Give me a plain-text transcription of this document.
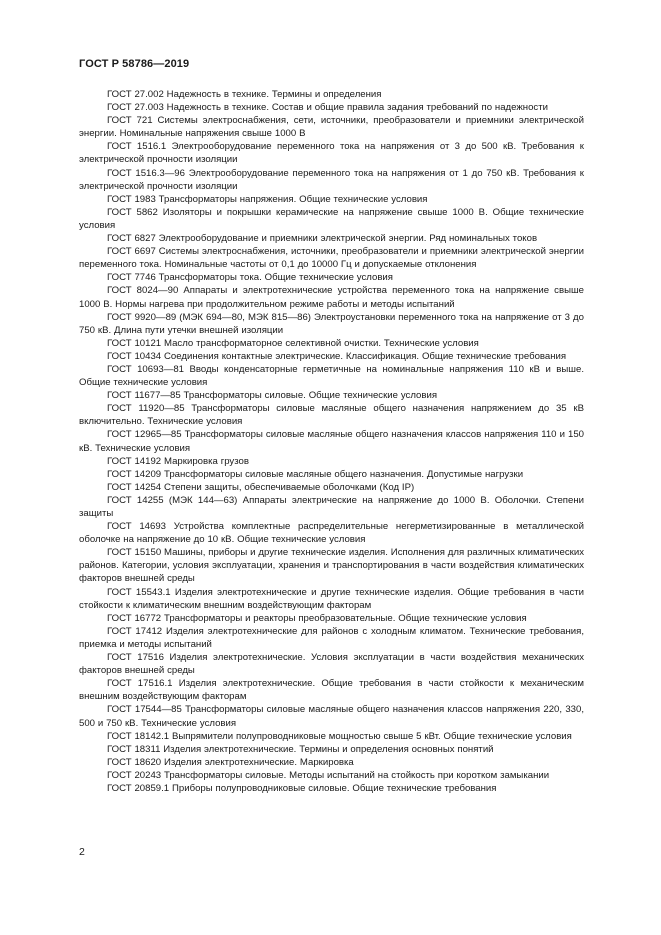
ГОСТ Р 58786—2019

ГОСТ 27.002 Надежность в технике. Термины и определения

ГОСТ 27.003 Надежность в технике. Состав и общие правила задания требований по надежности

ГОСТ 721 Системы электроснабжения, сети, источники, преобразователи и приемники электрической энергии. Номинальные напряжения свыше 1000 В

ГОСТ 1516.1 Электрооборудование переменного тока на напряжения от 3 до 500 кВ. Требования к электрической прочности изоляции

ГОСТ 1516.3—96 Электрооборудование переменного тока на напряжения от 1 до 750 кВ. Требования к электрической прочности изоляции

ГОСТ 1983 Трансформаторы напряжения. Общие технические условия

ГОСТ 5862 Изоляторы и покрышки керамические на напряжение свыше 1000 В. Общие технические условия

ГОСТ 6827 Электрооборудование и приемники электрической энергии. Ряд номинальных токов

ГОСТ 6697 Системы электроснабжения, источники, преобразователи и приемники электрической энергии переменного тока. Номинальные частоты от 0,1 до 10000 Гц и допускаемые отклонения

ГОСТ 7746 Трансформаторы тока. Общие технические условия

ГОСТ 8024—90 Аппараты и электротехнические устройства переменного тока на напряжение свыше 1000 В. Нормы нагрева при продолжительном режиме работы и методы испытаний

ГОСТ 9920—89 (МЭК 694—80, МЭК 815—86) Электроустановки переменного тока на напряжение от 3 до 750 кВ. Длина пути утечки внешней изоляции

ГОСТ 10121 Масло трансформаторное селективной очистки. Технические условия

ГОСТ 10434 Соединения контактные электрические. Классификация. Общие технические требования

ГОСТ 10693—81 Вводы конденсаторные герметичные на номинальные напряжения 110 кВ и выше. Общие технические условия

ГОСТ 11677—85 Трансформаторы силовые. Общие технические условия

ГОСТ 11920—85 Трансформаторы силовые масляные общего назначения напряжением до 35 кВ включительно. Технические условия

ГОСТ 12965—85 Трансформаторы силовые масляные общего назначения классов напряжения 110 и 150 кВ. Технические условия

ГОСТ 14192 Маркировка грузов

ГОСТ 14209 Трансформаторы силовые масляные общего назначения. Допустимые нагрузки

ГОСТ 14254 Степени защиты, обеспечиваемые оболочками (Код IP)

ГОСТ 14255 (МЭК 144—63) Аппараты электрические на напряжение до 1000 В. Оболочки. Степени защиты

ГОСТ 14693 Устройства комплектные распределительные негерметизированные в металлической оболочке на напряжение до 10 кВ. Общие технические условия

ГОСТ 15150 Машины, приборы и другие технические изделия. Исполнения для различных климатических районов. Категории, условия эксплуатации, хранения и транспортирования в части воздействия климатических факторов внешней среды

ГОСТ 15543.1 Изделия электротехнические и другие технические изделия. Общие требования в части стойкости к климатическим внешним воздействующим факторам

ГОСТ 16772 Трансформаторы и реакторы преобразовательные. Общие технические условия

ГОСТ 17412 Изделия электротехнические для районов с холодным климатом. Технические требования, приемка и методы испытаний

ГОСТ 17516 Изделия электротехнические. Условия эксплуатации в части воздействия механических факторов внешней среды

ГОСТ 17516.1 Изделия электротехнические. Общие требования в части стойкости к механическим внешним воздействующим факторам

ГОСТ 17544—85 Трансформаторы силовые масляные общего назначения классов напряжения 220, 330, 500 и 750 кВ. Технические условия

ГОСТ 18142.1 Выпрямители полупроводниковые мощностью свыше 5 кВт. Общие технические условия

ГОСТ 18311 Изделия электротехнические. Термины и определения основных понятий

ГОСТ 18620 Изделия электротехнические. Маркировка

ГОСТ 20243 Трансформаторы силовые. Методы испытаний на стойкость при коротком замыкании

ГОСТ 20859.1 Приборы полупроводниковые силовые. Общие технические требования

2
